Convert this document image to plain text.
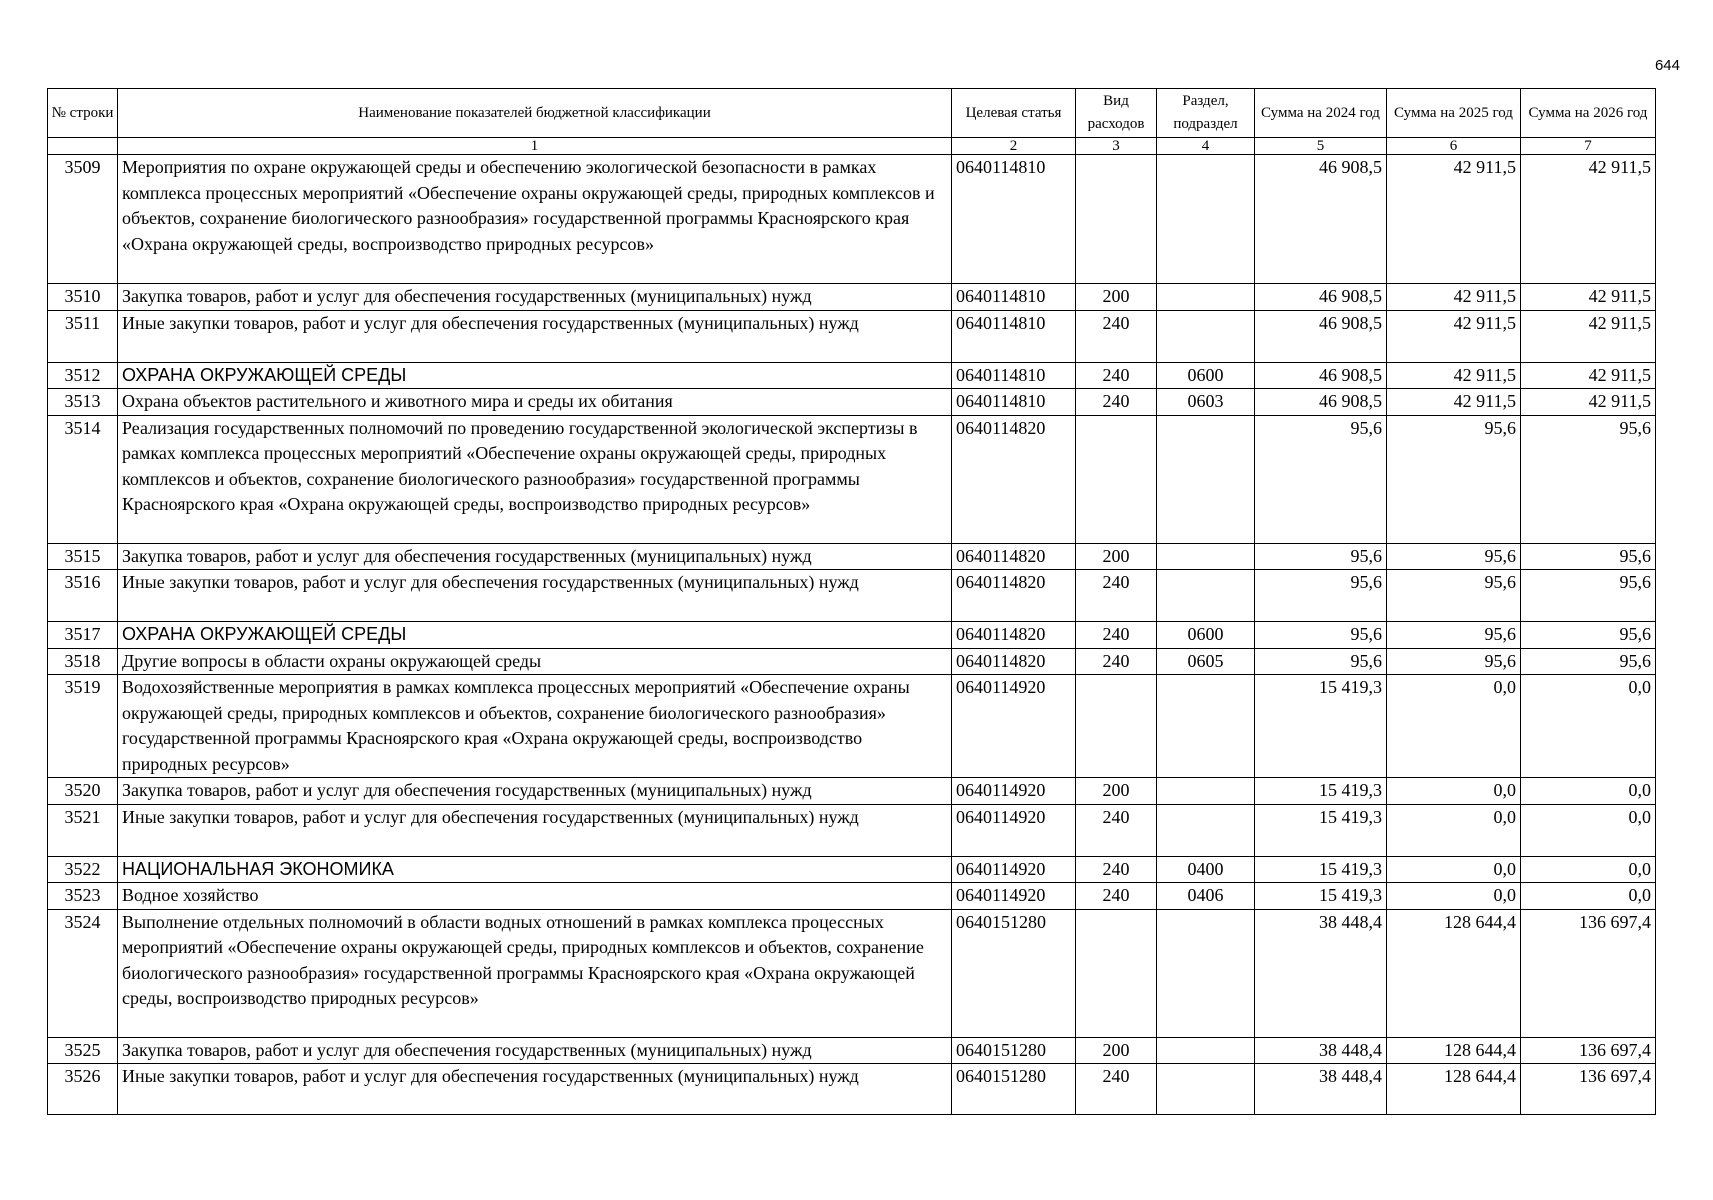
644
№ строки	Наименование показателей бюджетной классификации	Целевая статья	Вид расходов	Раздел, подраздел	Сумма на 2024 год	Сумма на 2025 год	Сумма на 2026 год
	1	2	3	4	5	6	7
3509	Мероприятия по охране окружающей среды и обеспечению экологической безопасности в рамках комплекса процессных мероприятий «Обеспечение охраны окружающей среды, природных комплексов и объектов, сохранение биологического разнообразия» государственной программы Красноярского края «Охрана окружающей среды, воспроизводство природных ресурсов»	0640114810			46 908,5	42 911,5	42 911,5
3510	Закупка товаров, работ и услуг для обеспечения государственных (муниципальных) нужд	0640114810	200		46 908,5	42 911,5	42 911,5
3511	Иные закупки товаров, работ и услуг для обеспечения государственных (муниципальных) нужд	0640114810	240		46 908,5	42 911,5	42 911,5
3512	ОХРАНА ОКРУЖАЮЩЕЙ СРЕДЫ	0640114810	240	0600	46 908,5	42 911,5	42 911,5
3513	Охрана объектов растительного и животного мира и среды их обитания	0640114810	240	0603	46 908,5	42 911,5	42 911,5
3514	Реализация государственных полномочий по проведению государственной экологической экспертизы в рамках комплекса процессных мероприятий «Обеспечение охраны окружающей среды, природных комплексов и объектов, сохранение биологического разнообразия» государственной программы Красноярского края «Охрана окружающей среды, воспроизводство природных ресурсов»	0640114820			95,6	95,6	95,6
3515	Закупка товаров, работ и услуг для обеспечения государственных (муниципальных) нужд	0640114820	200		95,6	95,6	95,6
3516	Иные закупки товаров, работ и услуг для обеспечения государственных (муниципальных) нужд	0640114820	240		95,6	95,6	95,6
3517	ОХРАНА ОКРУЖАЮЩЕЙ СРЕДЫ	0640114820	240	0600	95,6	95,6	95,6
3518	Другие вопросы в области охраны окружающей среды	0640114820	240	0605	95,6	95,6	95,6
3519	Водохозяйственные мероприятия в рамках комплекса процессных мероприятий «Обеспечение охраны окружающей среды, природных комплексов и объектов, сохранение биологического разнообразия» государственной программы Красноярского края «Охрана окружающей среды, воспроизводство природных ресурсов»	0640114920			15 419,3	0,0	0,0
3520	Закупка товаров, работ и услуг для обеспечения государственных (муниципальных) нужд	0640114920	200		15 419,3	0,0	0,0
3521	Иные закупки товаров, работ и услуг для обеспечения государственных (муниципальных) нужд	0640114920	240		15 419,3	0,0	0,0
3522	НАЦИОНАЛЬНАЯ ЭКОНОМИКА	0640114920	240	0400	15 419,3	0,0	0,0
3523	Водное хозяйство	0640114920	240	0406	15 419,3	0,0	0,0
3524	Выполнение отдельных полномочий в области водных отношений в рамках комплекса процессных мероприятий «Обеспечение охраны окружающей среды, природных комплексов и объектов, сохранение биологического разнообразия» государственной программы Красноярского края «Охрана окружающей среды, воспроизводство природных ресурсов»	0640151280			38 448,4	128 644,4	136 697,4
3525	Закупка товаров, работ и услуг для обеспечения государственных (муниципальных) нужд	0640151280	200		38 448,4	128 644,4	136 697,4
3526	Иные закупки товаров, работ и услуг для обеспечения государственных (муниципальных) нужд	0640151280	240		38 448,4	128 644,4	136 697,4
